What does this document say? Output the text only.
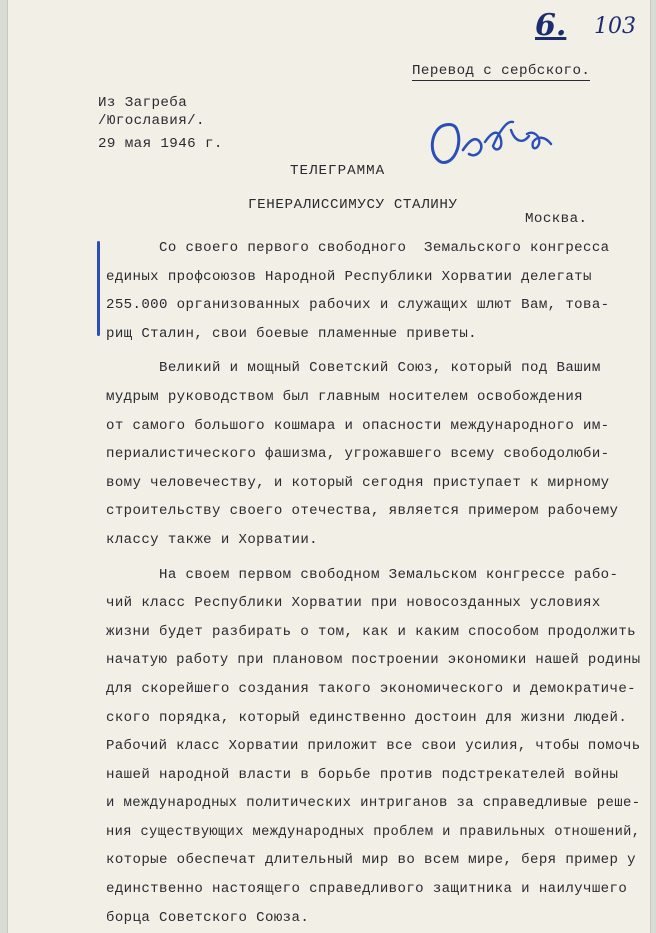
6. 103
Перевод с сербского.
Из Загреба
/Югославия/.
29 мая 1946 г.
ТЕЛЕГРАММА
ГЕНЕРАЛИССИМУСУ СТАЛИНУ
Москва.
Со своего первого свободного  Земальского конгресса
единых профсоюзов Народной Республики Хорватии делегаты
255.000 организованных рабочих и служащих шлют Вам, това-
рищ Сталин, свои боевые пламенные приветы.
Великий и мощный Советский Союз, который под Вашим
мудрым руководством был главным носителем освобождения
от самого большого кошмара и опасности международного им-
периалистического фашизма, угрожавшего всему свободолюби-
вому человечеству, и который сегодня приступает к мирному
строительству своего отечества, является примером рабочему
классу также и Хорватии.
На своем первом свободном Земальском конгрессе рабо-
чий класс Республики Хорватии при новосозданных условиях
жизни будет разбирать о том, как и каким способом продолжить
начатую работу при плановом построении экономики нашей родины
для скорейшего создания такого экономического и демократиче-
ского порядка, который единственно достоин для жизни людей.
Рабочий класс Хорватии приложит все свои усилия, чтобы помочь
нашей народной власти в борьбе против подстрекателей войны
и международных политических интриганов за справедливые реше-
ния существующих международных проблем и правильных отношений,
которые обеспечат длительный мир во всем мире, беря пример у
единственно настоящего справедливого защитника и наилучшего
борца Советского Союза.
